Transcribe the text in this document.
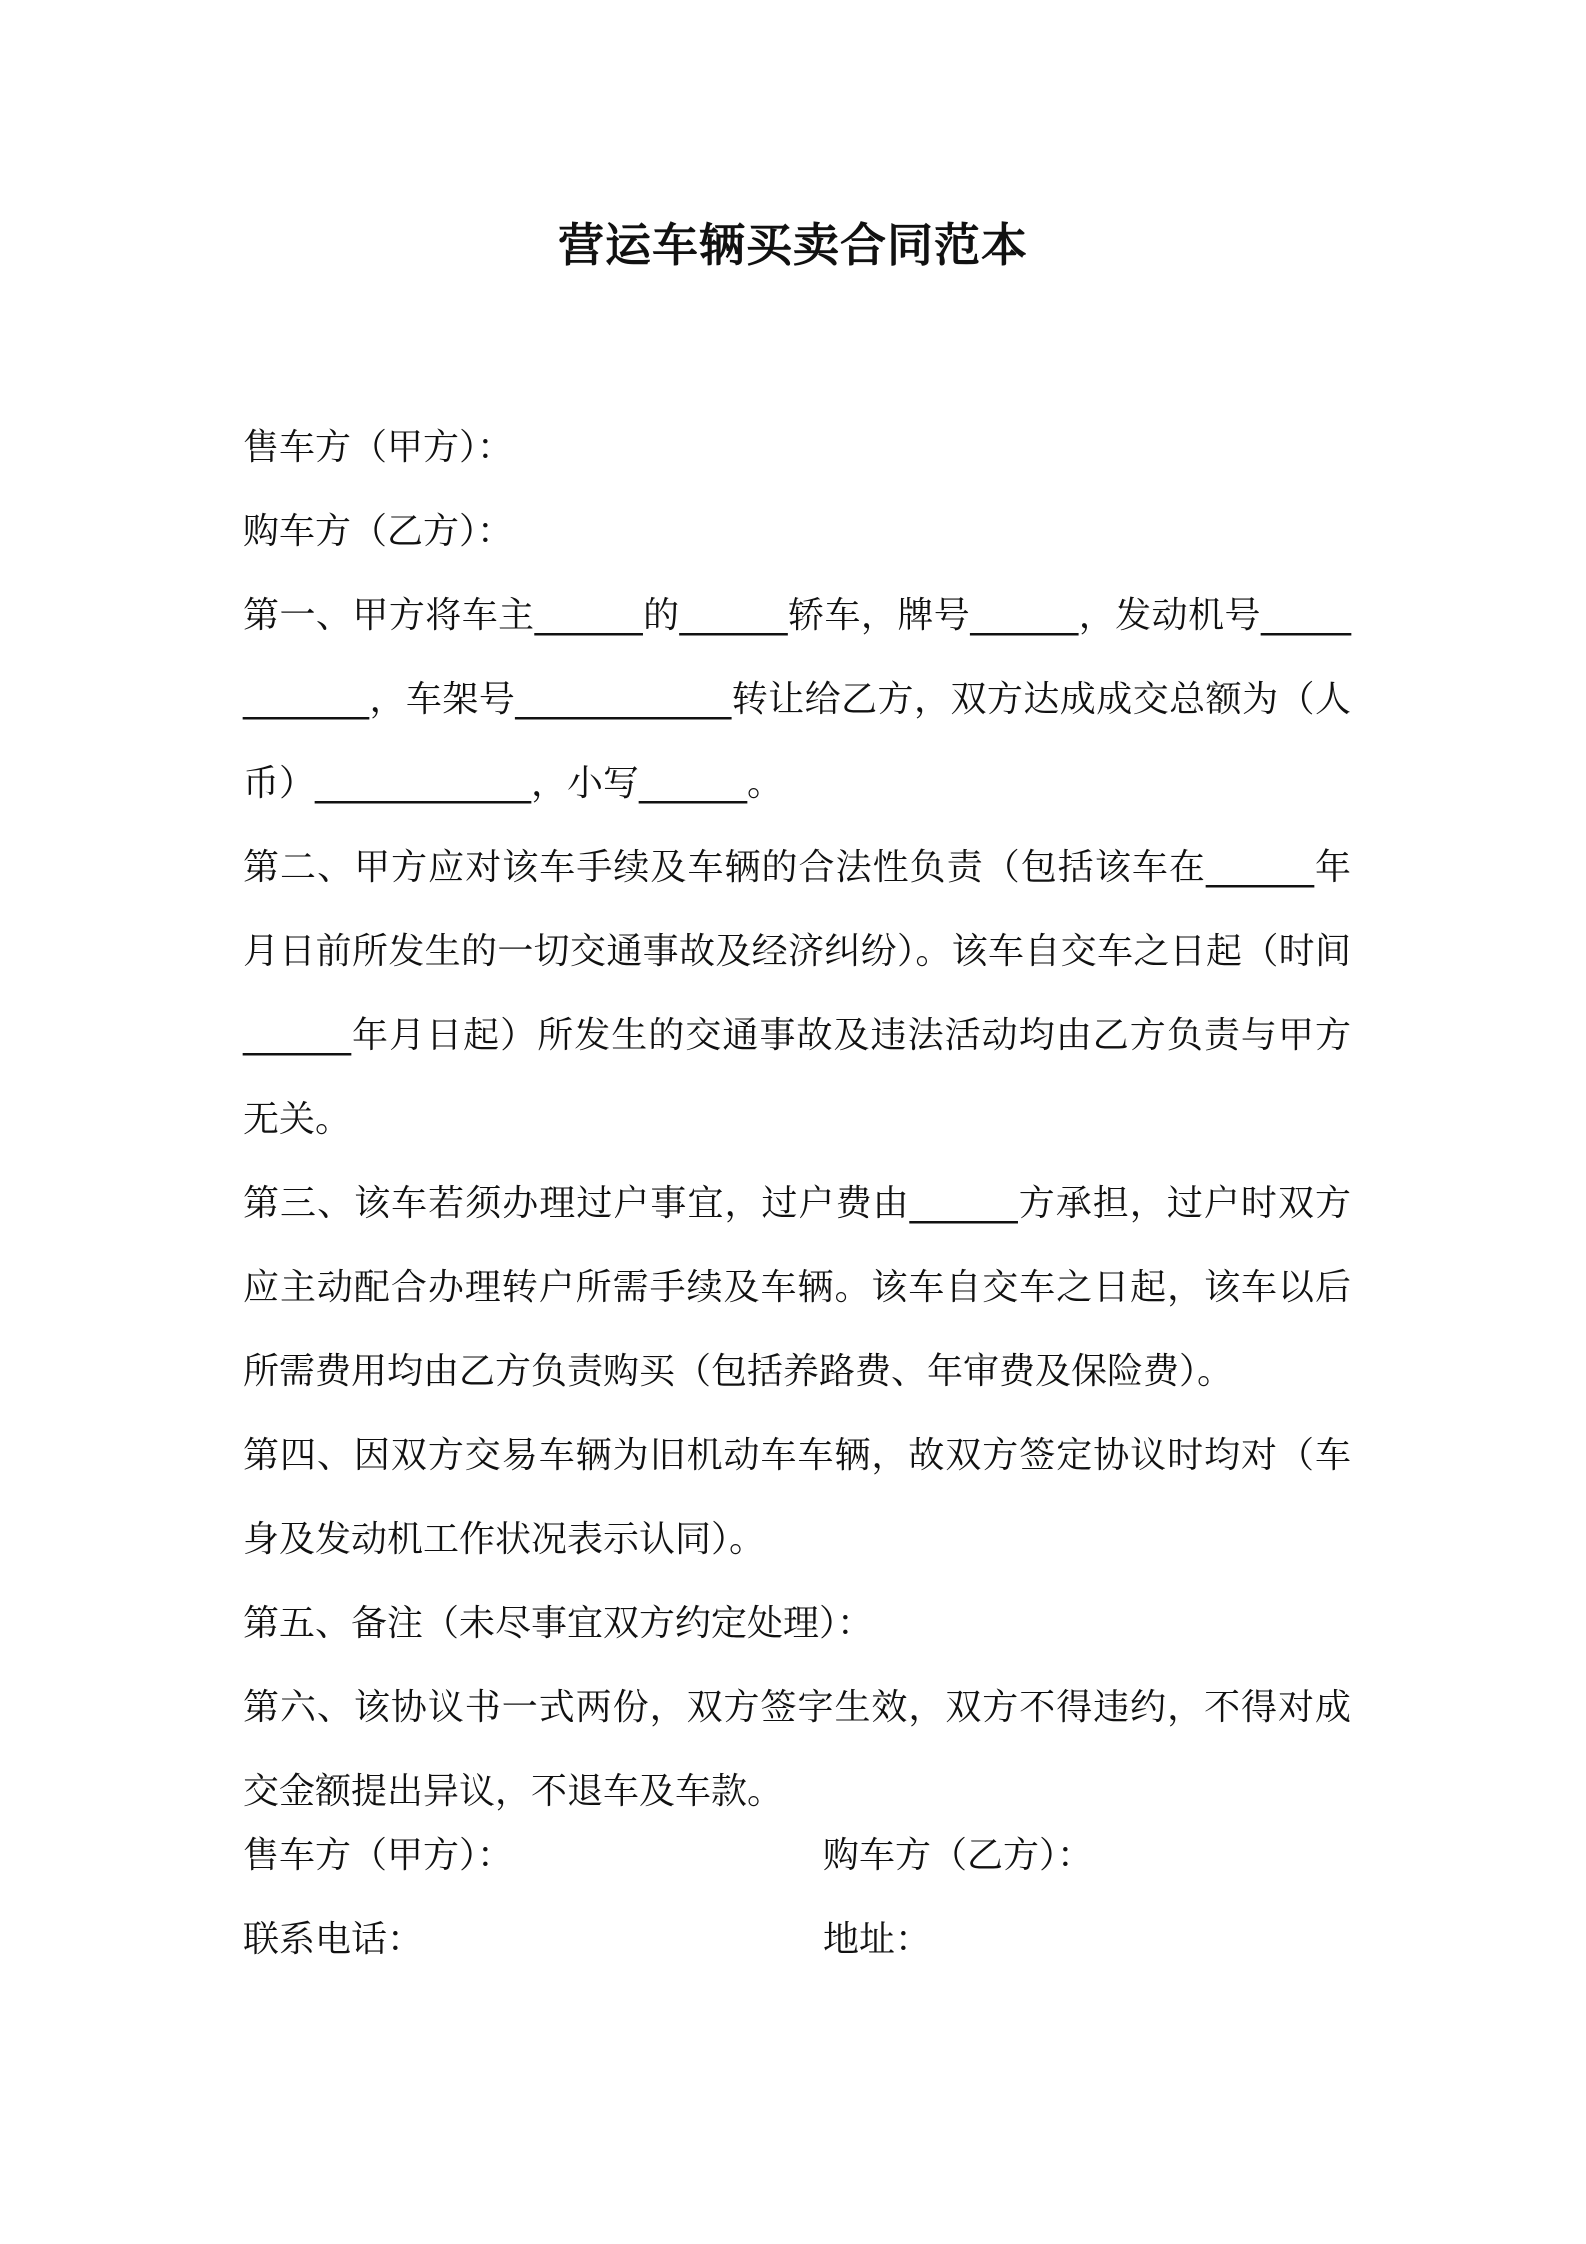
营运车辆买卖合同范本

售车方（甲方）：

购车方（乙方）：

第一、甲方将车主______的______轿车，牌号______，发动机号____________，车架号____________转让给乙方，双方达成成交总额为（人币）____________，小写______。

第二、甲方应对该车手续及车辆的合法性负责（包括该车在______年月日前所发生的一切交通事故及经济纠纷）。该车自交车之日起（时间______年月日起）所发生的交通事故及违法活动均由乙方负责与甲方无关。

第三、该车若须办理过户事宜，过户费由______方承担，过户时双方应主动配合办理转户所需手续及车辆。该车自交车之日起，该车以后所需费用均由乙方负责购买（包括养路费、年审费及保险费）。

第四、因双方交易车辆为旧机动车车辆，故双方签定协议时均对（车身及发动机工作状况表示认同）。

第五、备注（未尽事宜双方约定处理）：

第六、该协议书一式两份，双方签字生效，双方不得违约，不得对成交金额提出异议，不退车及车款。

售车方（甲方）：	购车方（乙方）：
联系电话：	地址：
